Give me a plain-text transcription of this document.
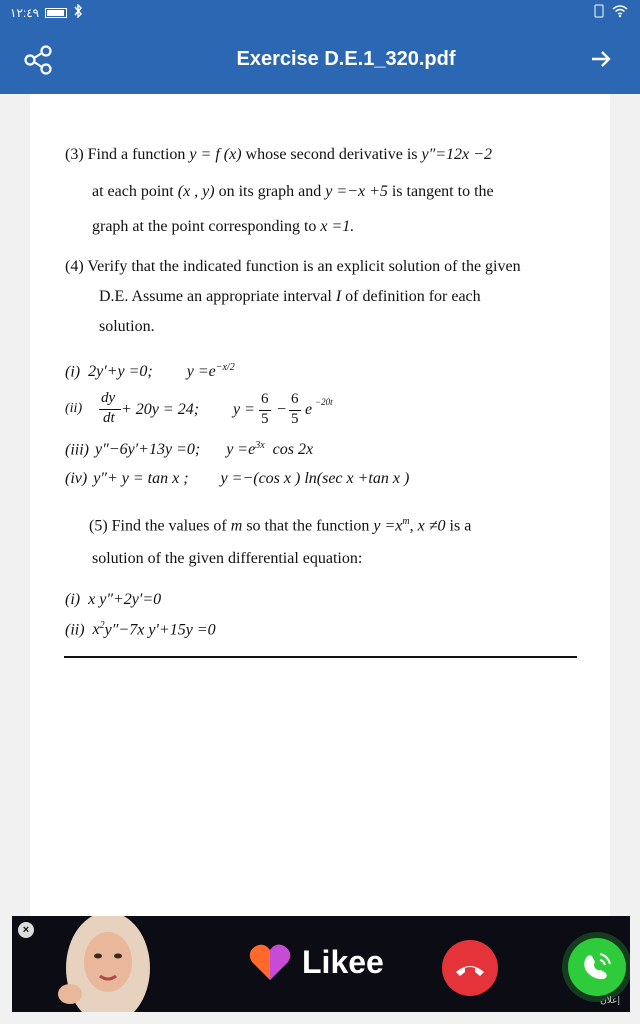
١٢:٤٩
Exercise D.E.1_320.pdf
(3) Find a function y = f (x) whose second derivative is y″=12x −2
at each point (x , y) on its graph and y =−x +5 is tangent to the
graph at the point corresponding to x =1.
(4) Verify that the indicated function is an explicit solution of the given
D.E. Assume an appropriate interval I of definition for each
solution.
(i) 2y′+y =0; $y =e^{-x/2}$
(ii)
dy
dt + 20y = 24; y =
6
5
−
6
5
e −20t
(iii) y″−6y′+13y =0; $y =e^{3x}$ cos 2x
(iv) y″+ y = tan x ; y =−(cos x ) ln(sec x +tan x )
(5) Find the values of m so that the function $y =x^m$, x ≠0 is a
solution of the given differential equation:
(i) x y″+2y′=0
(ii) $x^2y''-7x$ y′+15y =0
×
Likee
إعلان
